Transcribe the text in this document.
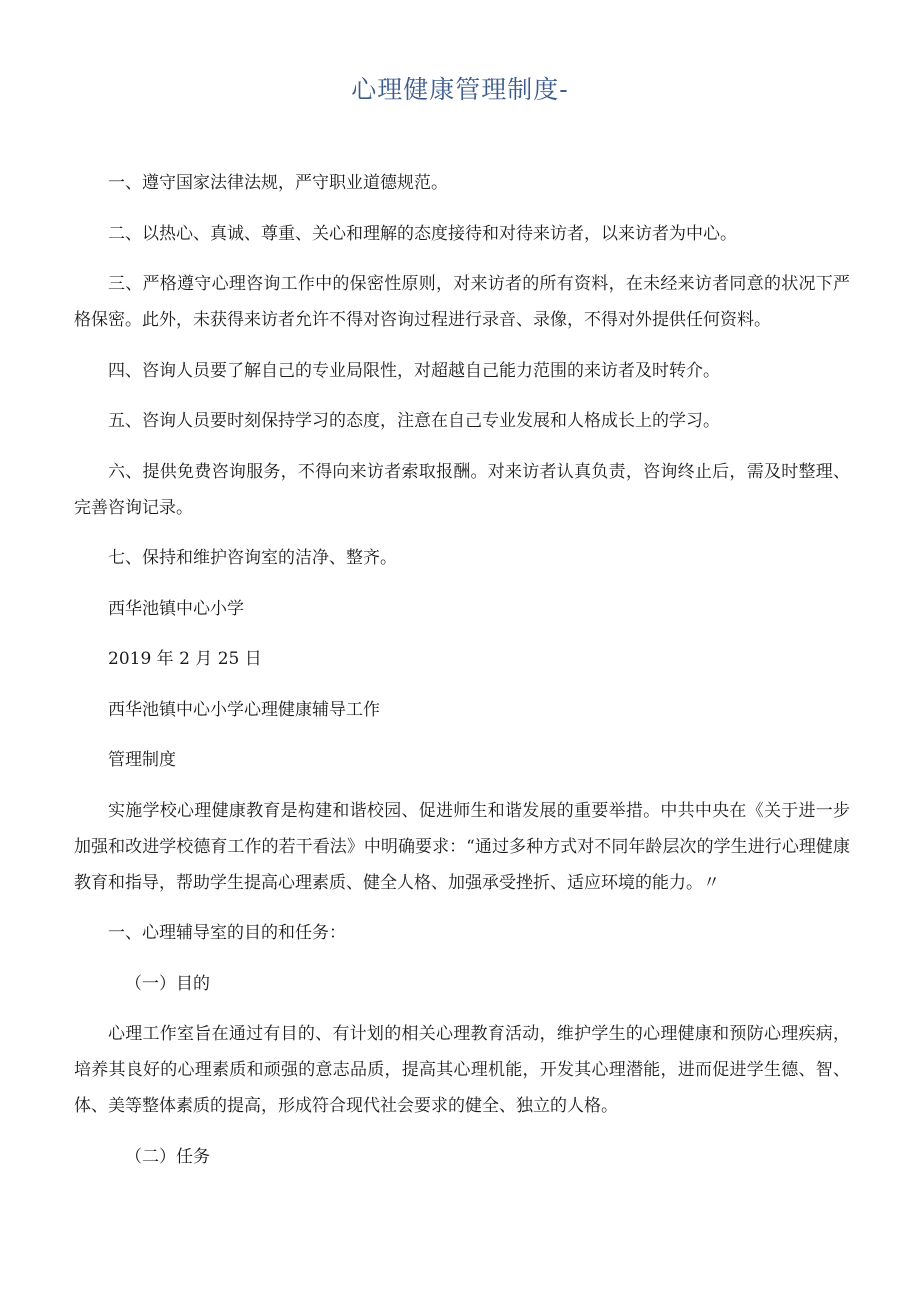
心理健康管理制度-

一、遵守国家法律法规，严守职业道德规范。

二、以热心、真诚、尊重、关心和理解的态度接待和对待来访者，以来访者为中心。

三、严格遵守心理咨询工作中的保密性原则，对来访者的所有资料，在未经来访者同意的状况下严格保密。此外，未获得来访者允许不得对咨询过程进行录音、录像，不得对外提供任何资料。

四、咨询人员要了解自己的专业局限性，对超越自己能力范围的来访者及时转介。

五、咨询人员要时刻保持学习的态度，注意在自己专业发展和人格成长上的学习。

六、提供免费咨询服务，不得向来访者索取报酬。对来访者认真负责，咨询终止后，需及时整理、完善咨询记录。

七、保持和维护咨询室的洁净、整齐。

西华池镇中心小学

2019 年 2 月 25 日

西华池镇中心小学心理健康辅导工作

管理制度

实施学校心理健康教育是构建和谐校园、促进师生和谐发展的重要举措。中共中央在《关于进一步加强和改进学校德育工作的若干看法》中明确要求：“通过多种方式对不同年龄层次的学生进行心理健康教育和指导，帮助学生提高心理素质、健全人格、加强承受挫折、适应环境的能力。〃

一、心理辅导室的目的和任务：

（一）目的

心理工作室旨在通过有目的、有计划的相关心理教育活动，维护学生的心理健康和预防心理疾病，培养其良好的心理素质和顽强的意志品质，提高其心理机能，开发其心理潜能，进而促进学生德、智、体、美等整体素质的提高，形成符合现代社会要求的健全、独立的人格。

（二）任务
